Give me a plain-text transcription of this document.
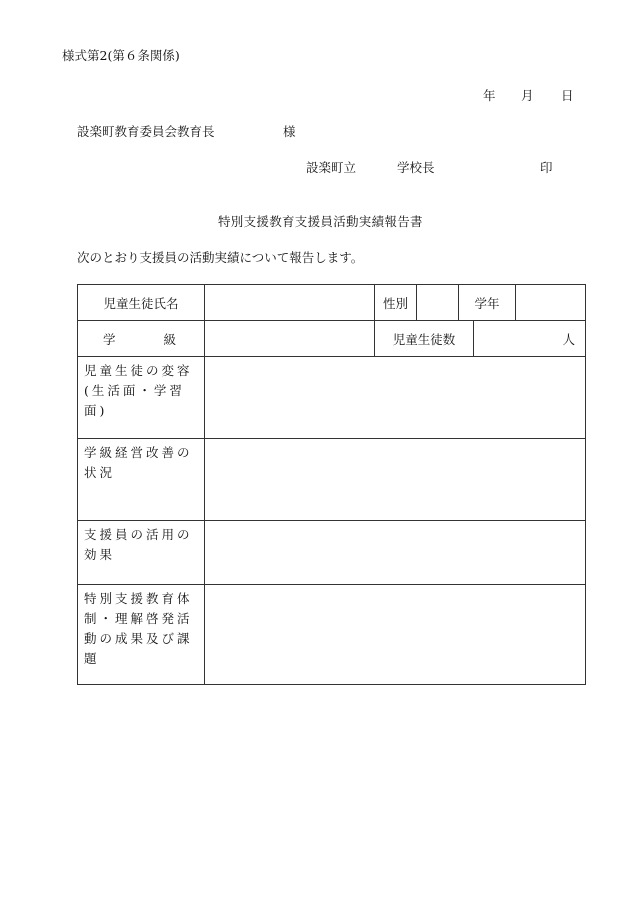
様式第2(第６条関係)
年 月 日
設楽町教育委員会教育長	様
設楽町立	学校長	印
特別支援教育支援員活動実績報告書
次のとおり支援員の活動実績について報告します。
児童生徒氏名		性別		学年		

学 級		児童生徒数			人	
児童生徒の変容(生活面・学習面)						
学級経営改善の状況						
支援員の活用の効果						
特別支援教育体制・理解啓発活動の成果及び課題						
